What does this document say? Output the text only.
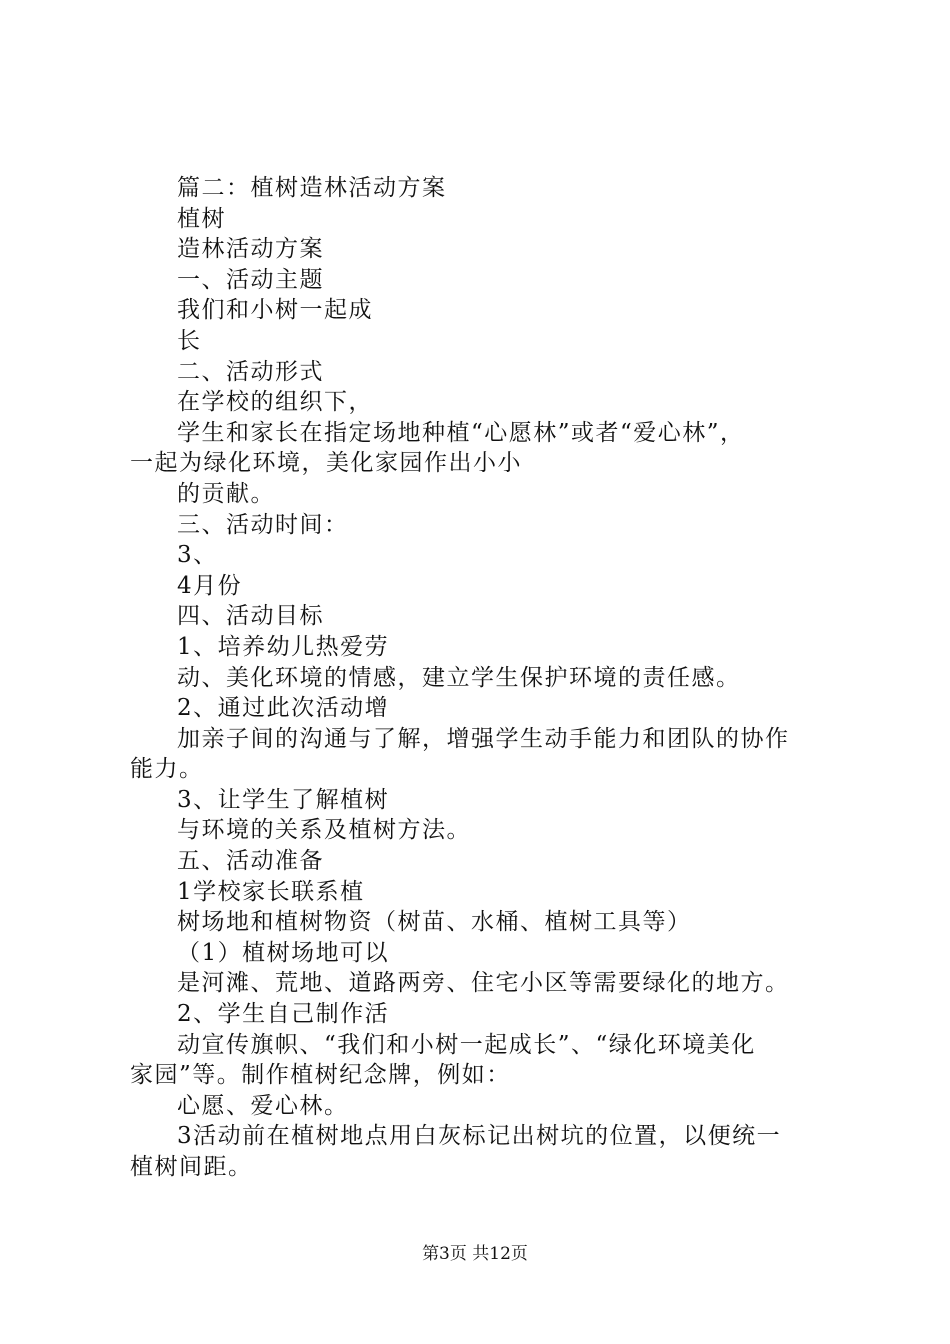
篇二：植树造林活动方案
植树
造林活动方案
一、活动主题
我们和小树一起成
长
二、活动形式
在学校的组织下，
学生和家长在指定场地种植“心愿林”或者“爱心林”，
一起为绿化环境，美化家园作出小小
的贡献。
三、活动时间：
3、
4月份
四、活动目标
1、培养幼儿热爱劳
动、美化环境的情感，建立学生保护环境的责任感。
2、通过此次活动增
加亲子间的沟通与了解，增强学生动手能力和团队的协作
能力。
3、让学生了解植树
与环境的关系及植树方法。
五、活动准备
1学校家长联系植
树场地和植树物资（树苗、水桶、植树工具等）
（1）植树场地可以
是河滩、荒地、道路两旁、住宅小区等需要绿化的地方。
2、学生自己制作活
动宣传旗帜、“我们和小树一起成长”、“绿化环境美化
家园”等。制作植树纪念牌，例如：
心愿、爱心林。
3活动前在植树地点用白灰标记出树坑的位置，以便统一
植树间距。
第3页 共12页
